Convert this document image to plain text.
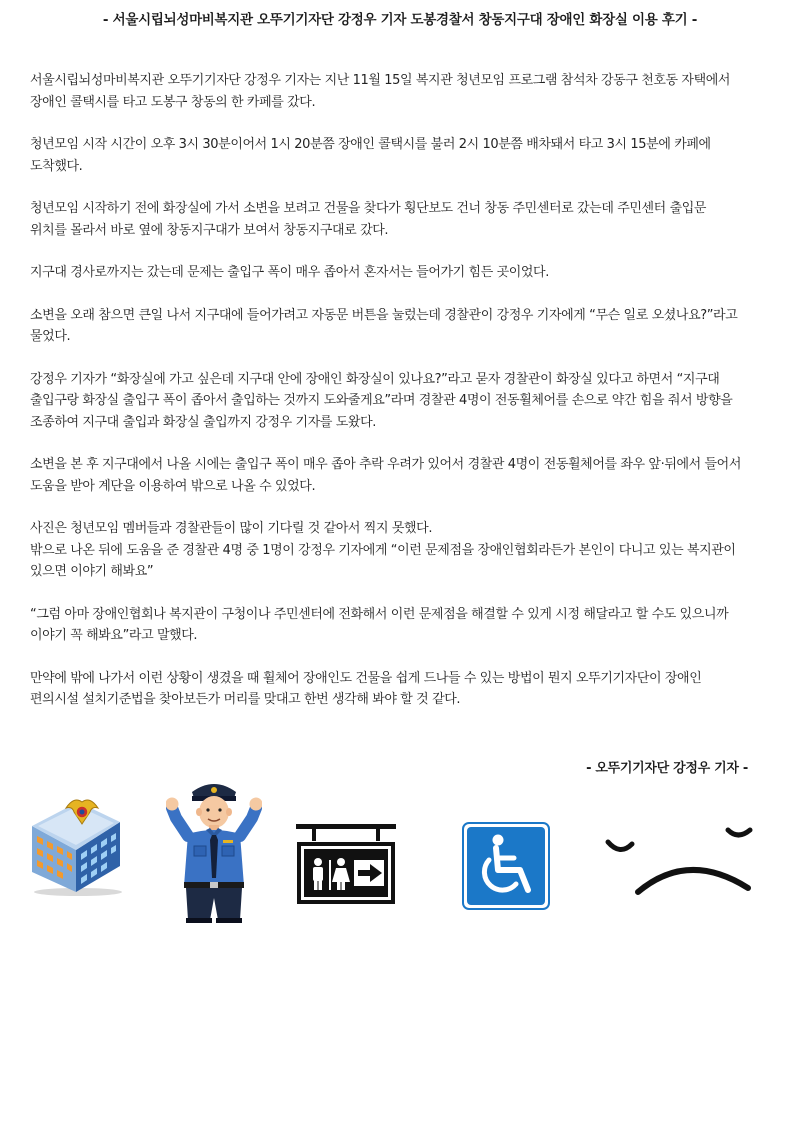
- 서울시립뇌성마비복지관 오뚜기기자단 강정우 기자 도봉경찰서 창동지구대 장애인 화장실 이용 후기 -

서울시립뇌성마비복지관 오뚜기기자단 강정우 기자는 지난 11월 15일 복지관 청년모임 프로그램 참석차 강동구 천호동 자택에서 장애인 콜택시를 타고 도봉구 창동의 한 카페를 갔다.

청년모임 시작 시간이 오후 3시 30분이어서 1시 20분쯤 장애인 콜택시를 불러 2시 10분쯤 배차돼서 타고 3시 15분에 카페에 도착했다.

청년모임 시작하기 전에 화장실에 가서 소변을 보려고 건물을 찾다가 횡단보도 건너 창동 주민센터로 갔는데 주민센터 출입문 위치를 몰라서 바로 옆에 창동지구대가 보여서 창동지구대로 갔다.

지구대 경사로까지는 갔는데 문제는 출입구 폭이 매우 좁아서 혼자서는 들어가기 힘든 곳이었다.

소변을 오래 참으면 큰일 나서 지구대에 들어가려고 자동문 버튼을 눌렀는데 경찰관이 강정우 기자에게 “무슨 일로 오셨나요?”라고 물었다.

강정우 기자가 “화장실에 가고 싶은데 지구대 안에 장애인 화장실이 있나요?”라고 묻자 경찰관이 화장실 있다고 하면서 “지구대 출입구랑 화장실 출입구 폭이 좁아서 출입하는 것까지 도와줄게요”라며 경찰관 4명이 전동휠체어를 손으로 약간 힘을 줘서 방향을 조종하여 지구대 출입과 화장실 출입까지 강정우 기자를 도왔다.

소변을 본 후 지구대에서 나올 시에는 출입구 폭이 매우 좁아 추락 우려가 있어서 경찰관 4명이 전동휠체어를 좌우 앞·뒤에서 들어서 도움을 받아 계단을 이용하여 밖으로 나올 수 있었다.

사진은 청년모임 멤버들과 경찰관들이 많이 기다릴 것 같아서 찍지 못했다.
밖으로 나온 뒤에 도움을 준 경찰관 4명 중 1명이 강정우 기자에게 “이런 문제점을 장애인협회라든가 본인이 다니고 있는 복지관이 있으면 이야기 해봐요”

“그럼 아마 장애인협회나 복지관이 구청이나 주민센터에 전화해서 이런 문제점을 해결할 수 있게 시정 해달라고 할 수도 있으니까 이야기 꼭 해봐요”라고 말했다.

만약에 밖에 나가서 이런 상황이 생겼을 때 휠체어 장애인도 건물을 쉽게 드나들 수 있는 방법이 뭔지 오뚜기기자단이 장애인 편의시설 설치기준법을 찾아보든가 머리를 맞대고 한번 생각해 봐야 할 것 같다.

- 오뚜기기자단 강정우 기자 -
